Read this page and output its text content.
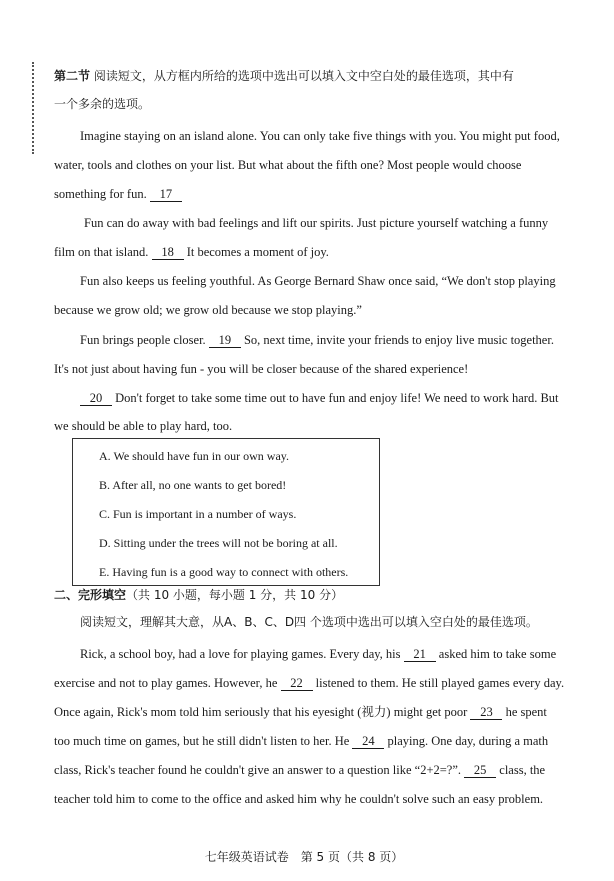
第二节 阅读短文，从方框内所给的选项中选出可以填入文中空白处的最佳选项，其中有
一个多余的选项。
Imagine staying on an island alone. You can only take five things with you. You might put food,
water, tools and clothes on your list. But what about the fifth one? Most people would choose
something for fun. 17
Fun can do away with bad feelings and lift our spirits. Just picture yourself watching a funny
film on that island. 18 It becomes a moment of joy.
Fun also keeps us feeling youthful. As George Bernard Shaw once said, “We don't stop playing
because we grow old; we grow old because we stop playing.”
Fun brings people closer. 19 So, next time, invite your friends to enjoy live music together.
It's not just about having fun - you will be closer because of the shared experience!
20 Don't forget to take some time out to have fun and enjoy life! We need to work hard. But
we should be able to play hard, too.
A. We should have fun in our own way.
B. After all, no one wants to get bored!
C. Fun is important in a number of ways.
D. Sitting under the trees will not be boring at all.
E. Having fun is a good way to connect with others.
二、完形填空（共 10 小题，每小题 1 分，共 10 分）
阅读短文，理解其大意，从A、B、C、D四 个选项中选出可以填入空白处的最佳选项。
Rick, a school boy, had a love for playing games. Every day, his 21 asked him to take some
exercise and not to play games. However, he 22 listened to them. He still played games every day.
Once again, Rick's mom told him seriously that his eyesight (视力) might get poor 23 he spent
too much time on games, but he still didn't listen to her. He 24 playing. One day, during a math
class, Rick's teacher found he couldn't give an answer to a question like “2+2=?”. 25 class, the
teacher told him to come to the office and asked him why he couldn't solve such an easy problem.
七年级英语试卷　第 5 页（共 8 页）
